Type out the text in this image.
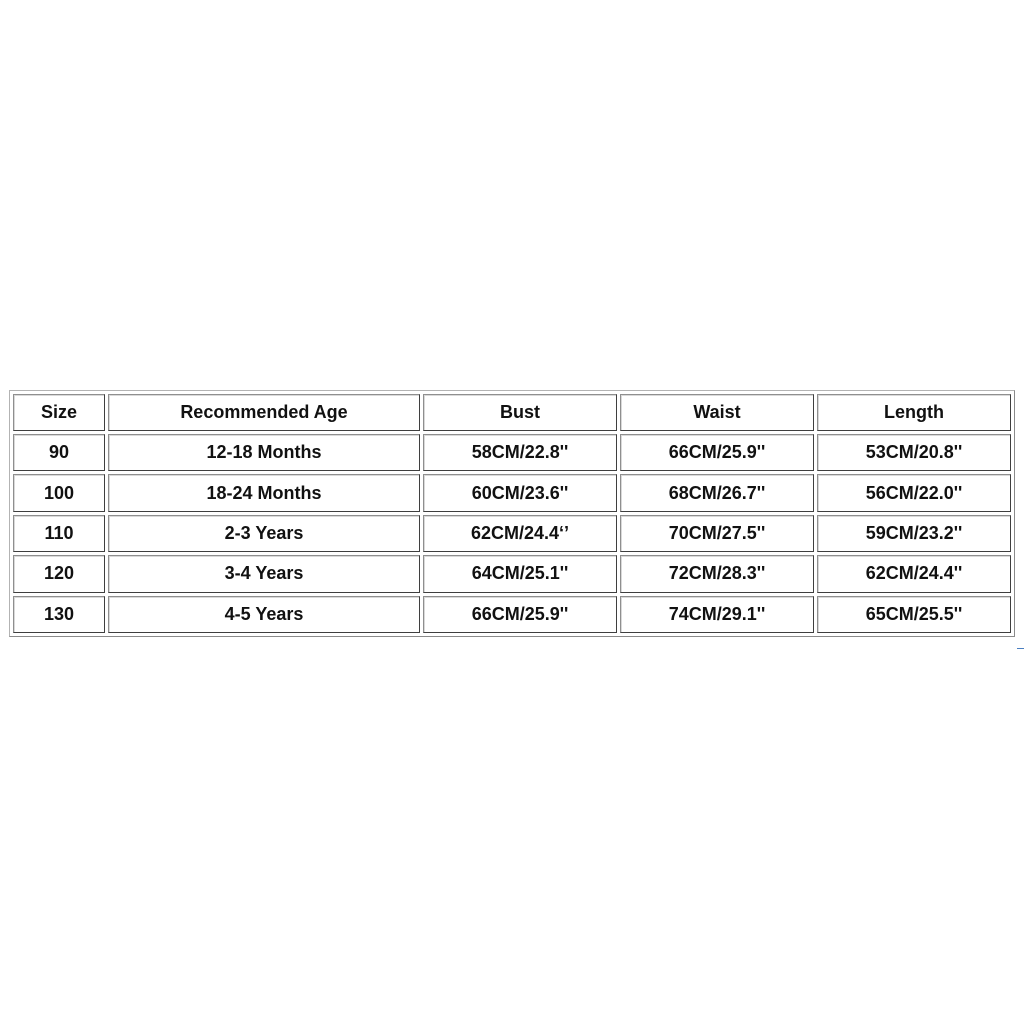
Size	Recommended Age	Bust	Waist	Length
90	12-18 Months	58CM/22.8''	66CM/25.9''	53CM/20.8''
100	18-24 Months	60CM/23.6''	68CM/26.7''	56CM/22.0''
110	2-3 Years	62CM/24.4‘’	70CM/27.5''	59CM/23.2''
120	3-4 Years	64CM/25.1''	72CM/28.3''	62CM/24.4''
130	4-5 Years	66CM/25.9''	74CM/29.1''	65CM/25.5''
